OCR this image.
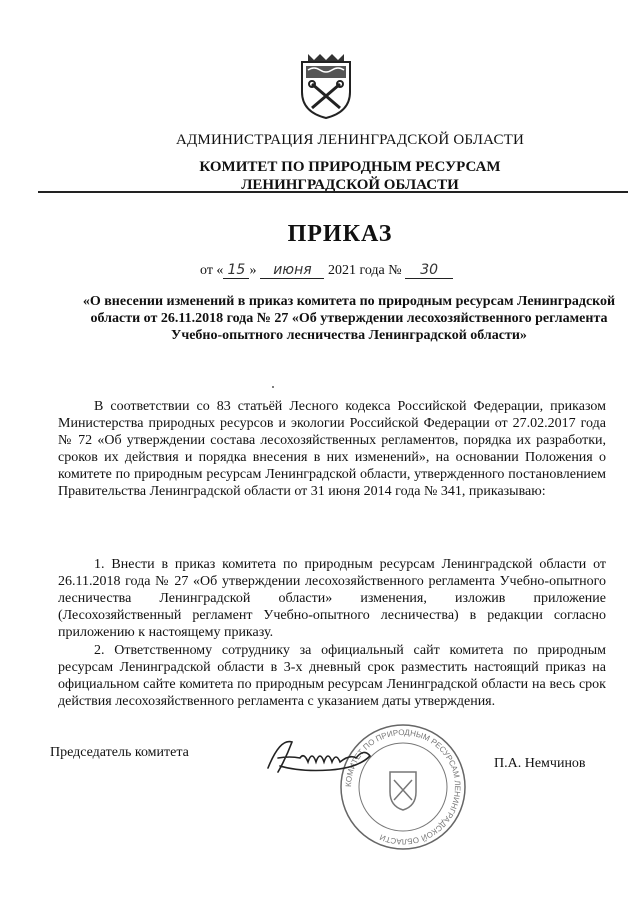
АДМИНИСТРАЦИЯ ЛЕНИНГРАДСКОЙ ОБЛАСТИ
КОМИТЕТ ПО ПРИРОДНЫМ РЕСУРСАМ
ЛЕНИНГРАДСКОЙ ОБЛАСТИ
ПРИКАЗ
от « 15 » июня 2021 года № 30
«О внесении изменений в приказ комитета по природным ресурсам Ленинградской области от 26.11.2018 года № 27 «Об утверждении лесохозяйственного регламента Учебно-опытного лесничества Ленинградской области»
В соответствии со 83 статьёй Лесного кодекса Российской Федерации, приказом Министерства природных ресурсов и экологии Российской Федерации от 27.02.2017 года № 72 «Об утверждении состава лесохозяйственных регламентов, порядка их разработки, сроков их действия и порядка внесения в них изменений», на основании Положения о комитете по природным ресурсам Ленинградской области, утвержденного постановлением Правительства Ленинградской области от 31 июня 2014 года № 341, приказываю:
1. Внести в приказ комитета по природным ресурсам Ленинградской области от 26.11.2018 года № 27 «Об утверждении лесохозяйственного регламента Учебно-опытного лесничества Ленинградской области» изменения, изложив приложение (Лесохозяйственный регламент Учебно-опытного лесничества) в редакции согласно приложению к настоящему приказу.
2. Ответственному сотруднику за официальный сайт комитета по природным ресурсам Ленинградской области в 3-х дневный срок разместить настоящий приказ на официальном сайте комитета по природным ресурсам Ленинградской области на весь срок действия лесохозяйственного регламента с указанием даты утверждения.
Председатель комитета
КОМИТЕТ ПО ПРИРОДНЫМ РЕСУРСАМ ЛЕНИНГРАДСКОЙ ОБЛАСТИ
П.А. Немчинов
